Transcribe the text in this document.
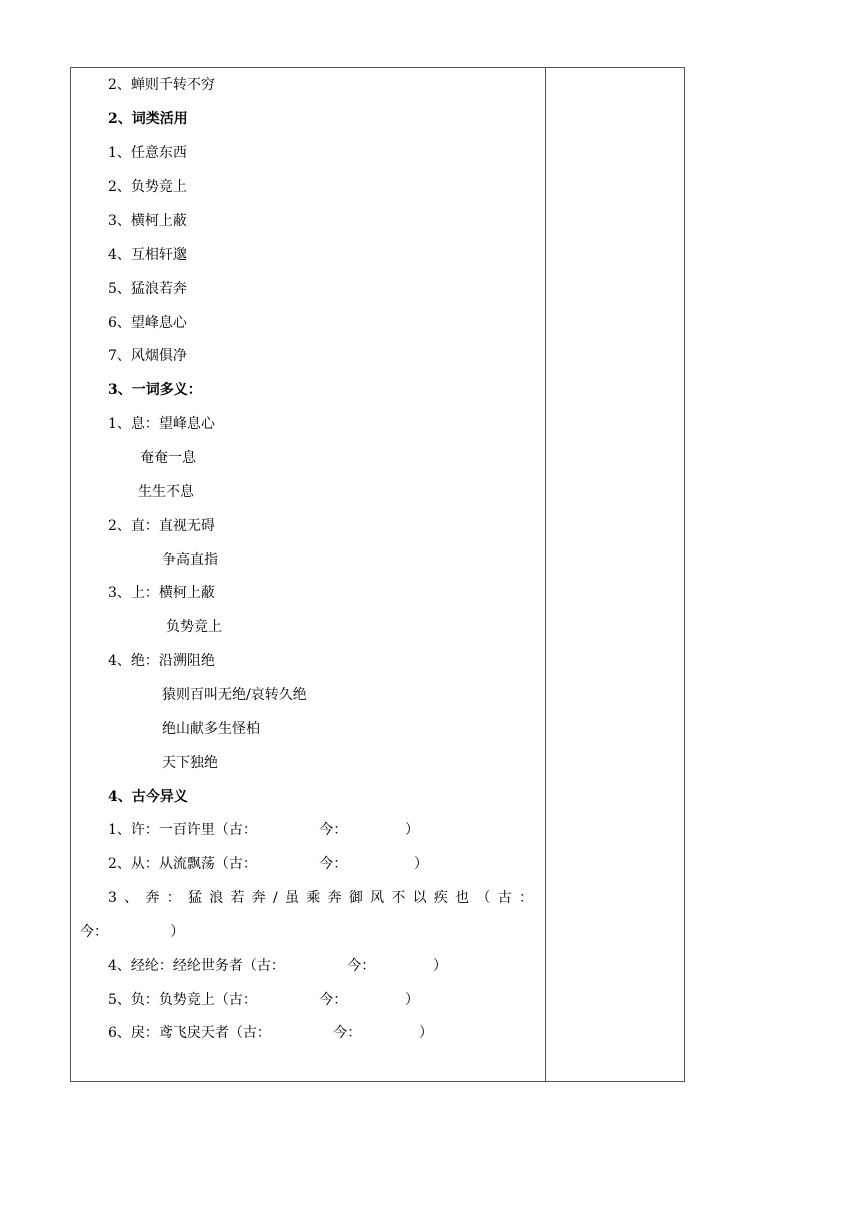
2、蝉则千转不穷
2、词类活用
1、任意东西
2、负势竞上
3、横柯上蔽
4、互相轩邈
5、猛浪若奔
6、望峰息心
7、风烟俱净
3、一词多义：
1、息：望峰息心
奄奄一息
生生不息
2、直：直视无碍
争高直指
3、上：横柯上蔽
负势竞上
4、绝：沿溯阻绝
猿则百叫无绝/哀转久绝
绝山献多生怪柏
天下独绝
4、古今异义
1、许：一百许里（古：              今：             ）
2、从：从流飘荡（古：              今：               ）
3 、 奔 ： 猛 浪 若 奔 / 虽 乘 奔 御 风 不 以 疾 也 （ 古 ：
今：              ）
4、经纶：经纶世务者（古：              今：             ）
5、负：负势竞上（古：              今：             ）
6、戾：鸢飞戾天者（古：              今：             ）
